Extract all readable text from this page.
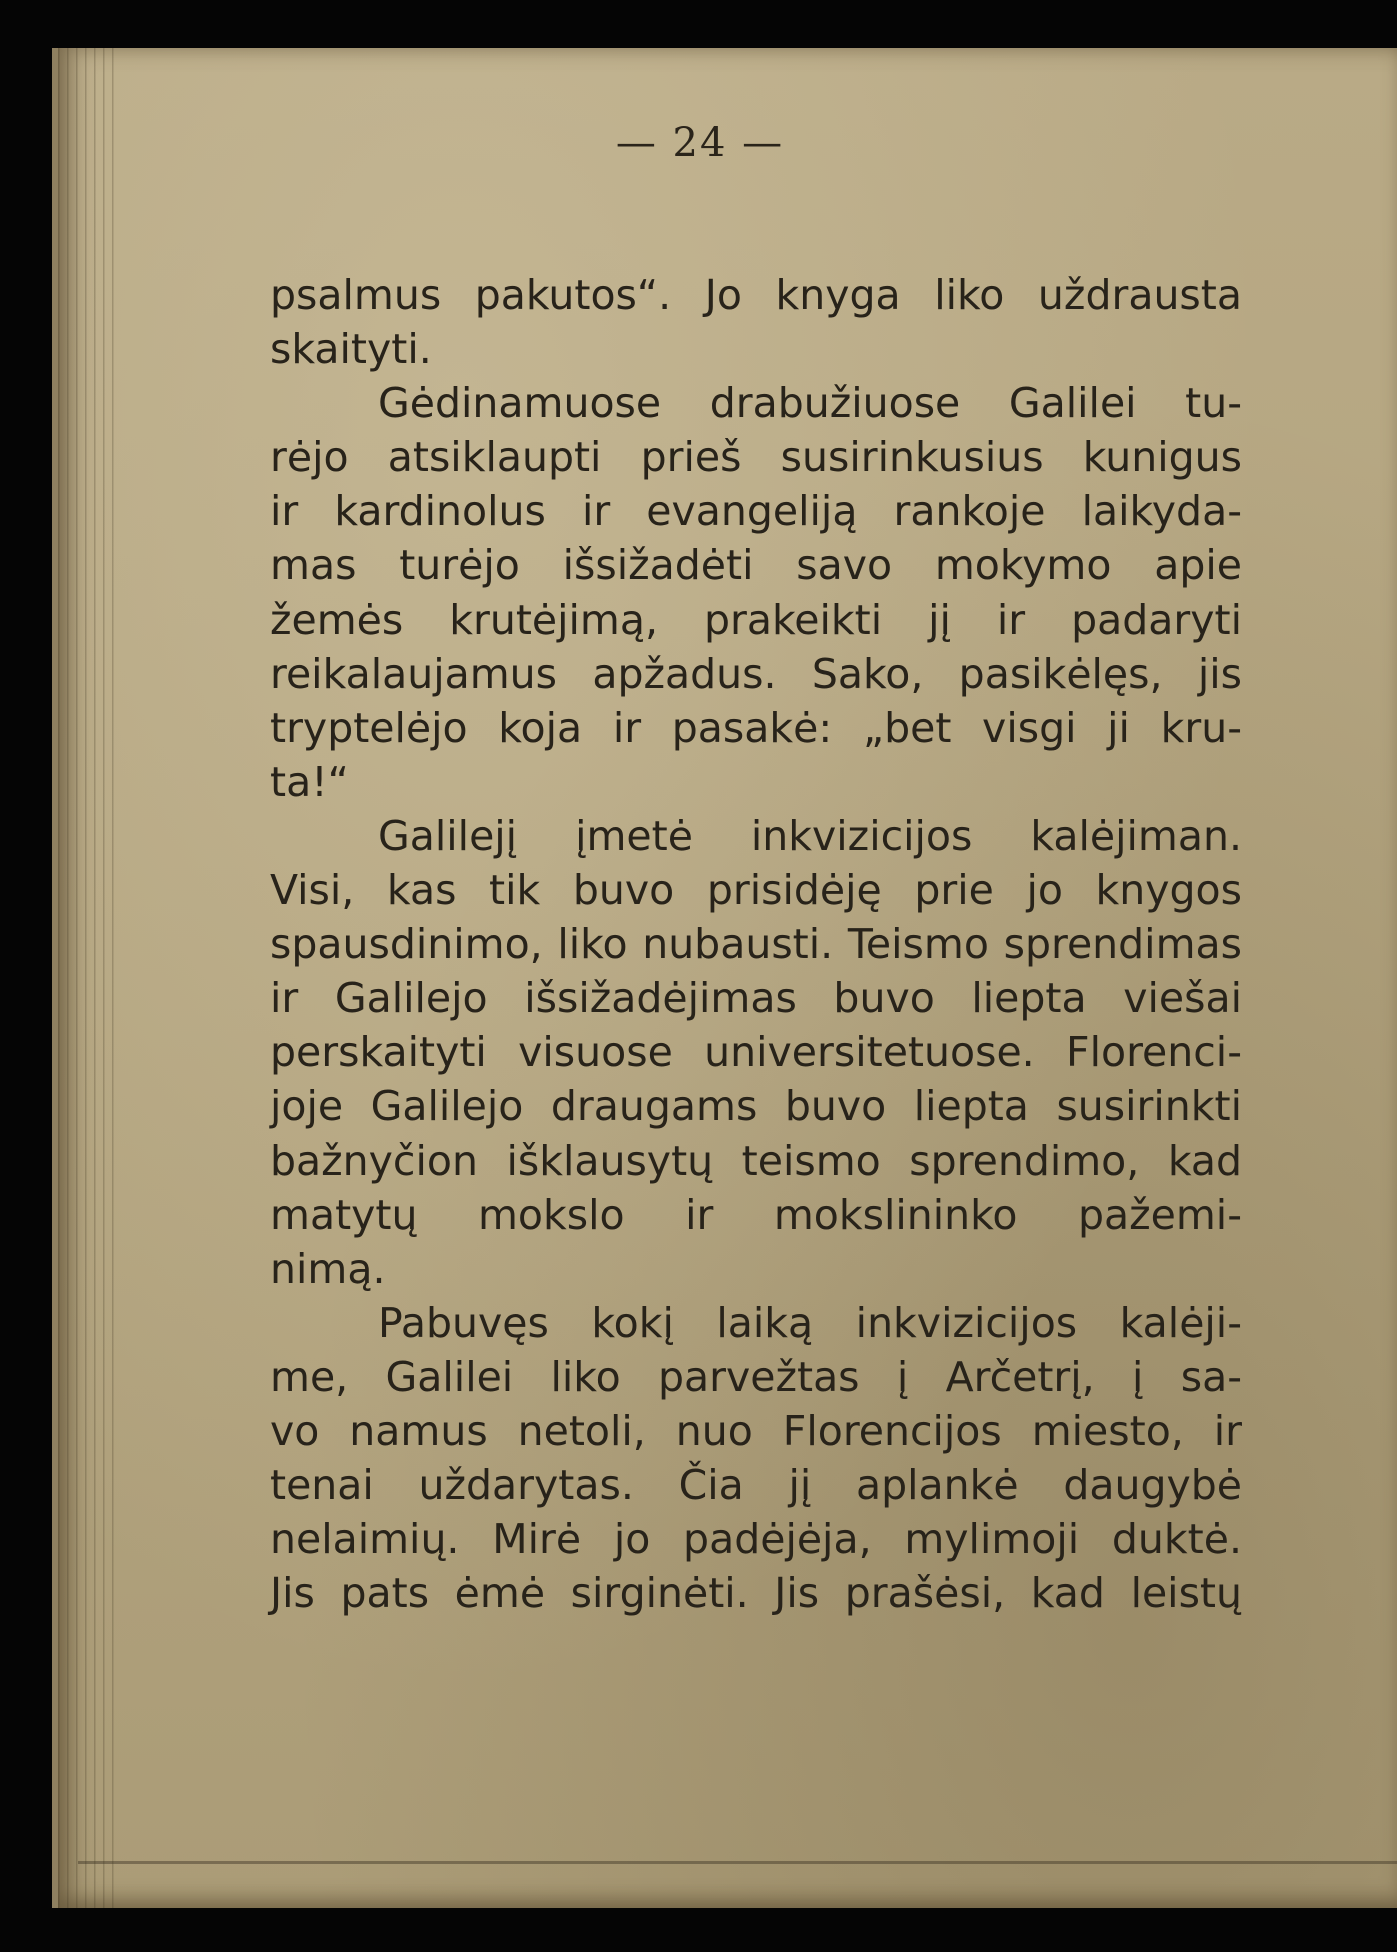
— 24 —
psalmus pakutos“. Jo knyga liko uždrausta
skaityti.
Gėdinamuose drabužiuose Galilei tu-
rėjo atsiklaupti prieš susirinkusius kunigus
ir kardinolus ir evangeliją rankoje laikyda-
mas turėjo išsižadėti savo mokymo apie
žemės krutėjimą, prakeikti jį ir padaryti
reikalaujamus apžadus. Sako, pasikėlęs, jis
tryptelėjo koja ir pasakė: „bet visgi ji kru-
ta!“
Galilejį įmetė inkvizicijos kalėjiman.
Visi, kas tik buvo prisidėję prie jo knygos
spausdinimo, liko nubausti. Teismo sprendimas
ir Galilejo išsižadėjimas buvo liepta viešai
perskaityti visuose universitetuose. Florenci-
joje Galilejo draugams buvo liepta susirinkti
bažnyčion išklausytų teismo sprendimo, kad
matytų mokslo ir mokslininko pažemi-
nimą.
Pabuvęs kokį laiką inkvizicijos kalėji-
me, Galilei liko parvežtas į Arčetrį, į sa-
vo namus netoli, nuo Florencijos miesto, ir
tenai uždarytas. Čia jį aplankė daugybė
nelaimių. Mirė jo padėjėja, mylimoji duktė.
Jis pats ėmė sirginėti. Jis prašėsi, kad leistų
